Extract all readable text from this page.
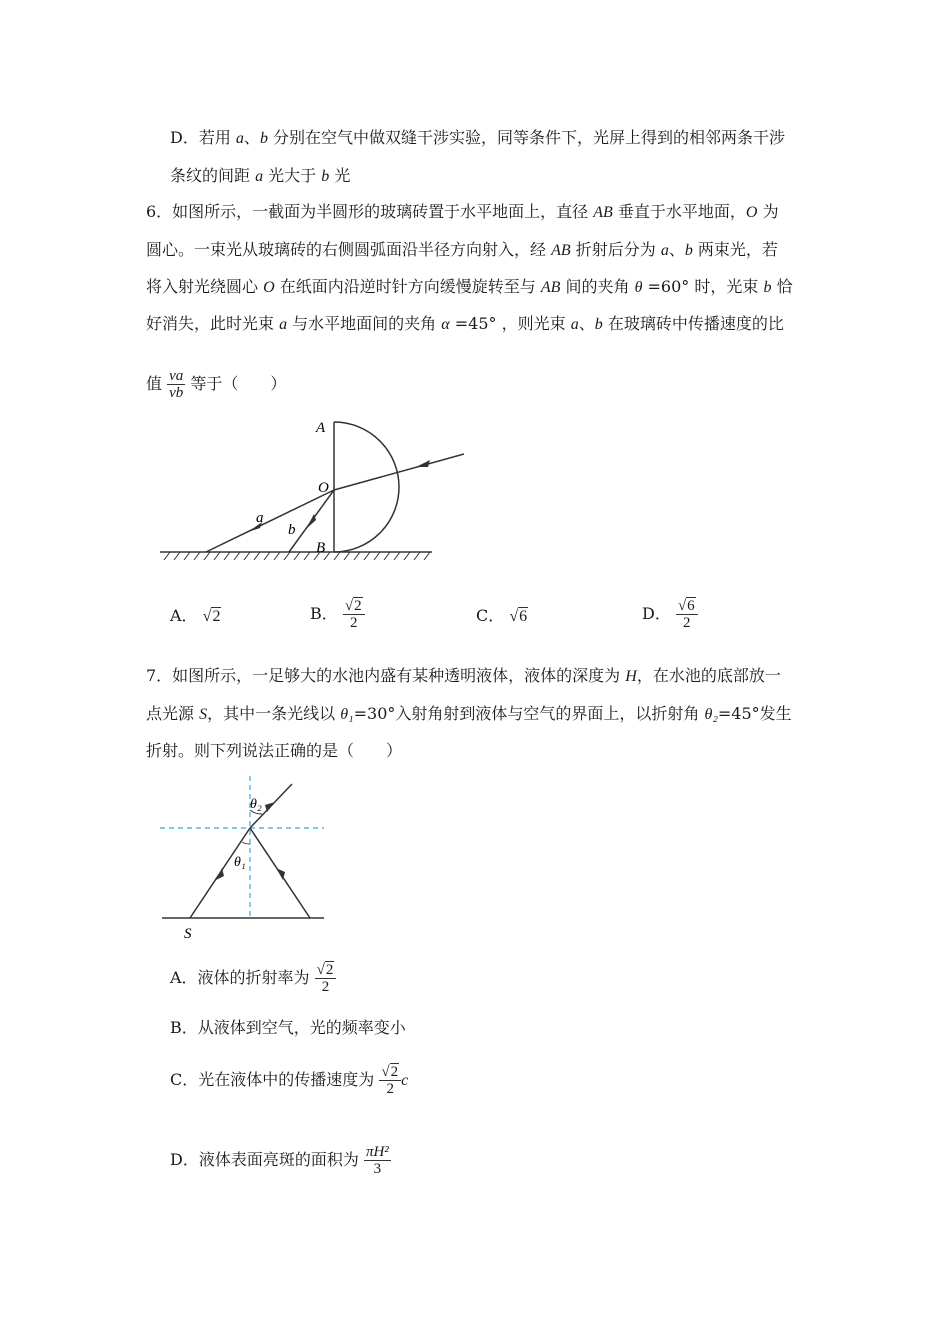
D．若用 a、b 分别在空气中做双缝干涉实验，同等条件下，光屏上得到的相邻两条干涉
条纹的间距 a 光大于 b 光
6．如图所示，一截面为半圆形的玻璃砖置于水平地面上，直径 AB 垂直于水平地面，O 为
圆心。一束光从玻璃砖的右侧圆弧面沿半径方向射入，经 AB 折射后分为 a、b 两束光，若
将入射光绕圆心 O 在纸面内沿逆时针方向缓慢旋转至与 AB 间的夹角 θ =60° 时，光束 b 恰
好消失，此时光束 a 与水平地面间的夹角 α =45° ，则光束 a、b 在玻璃砖中传播速度的比
值 $\frac{va}{vb}$ 等于（　　）
A
O
a
b
B
A． √2	B． $\frac{√2}{2}$	C． √6	D． $\frac{√6}{2}$
7．如图所示，一足够大的水池内盛有某种透明液体，液体的深度为 H，在水池的底部放一
点光源 S，其中一条光线以 θ₁=30°入射角射到液体与空气的界面上，以折射角 θ₂=45°发生
折射。则下列说法正确的是（　　）
θ₁
θ₂
S
A．液体的折射率为 $\frac{√2}{2}$
B．从液体到空气，光的频率变小
C．光在液体中的传播速度为 $\frac{√2}{2}$ c
D．液体表面亮斑的面积为 $\frac{\text{πH²}}{3}$
